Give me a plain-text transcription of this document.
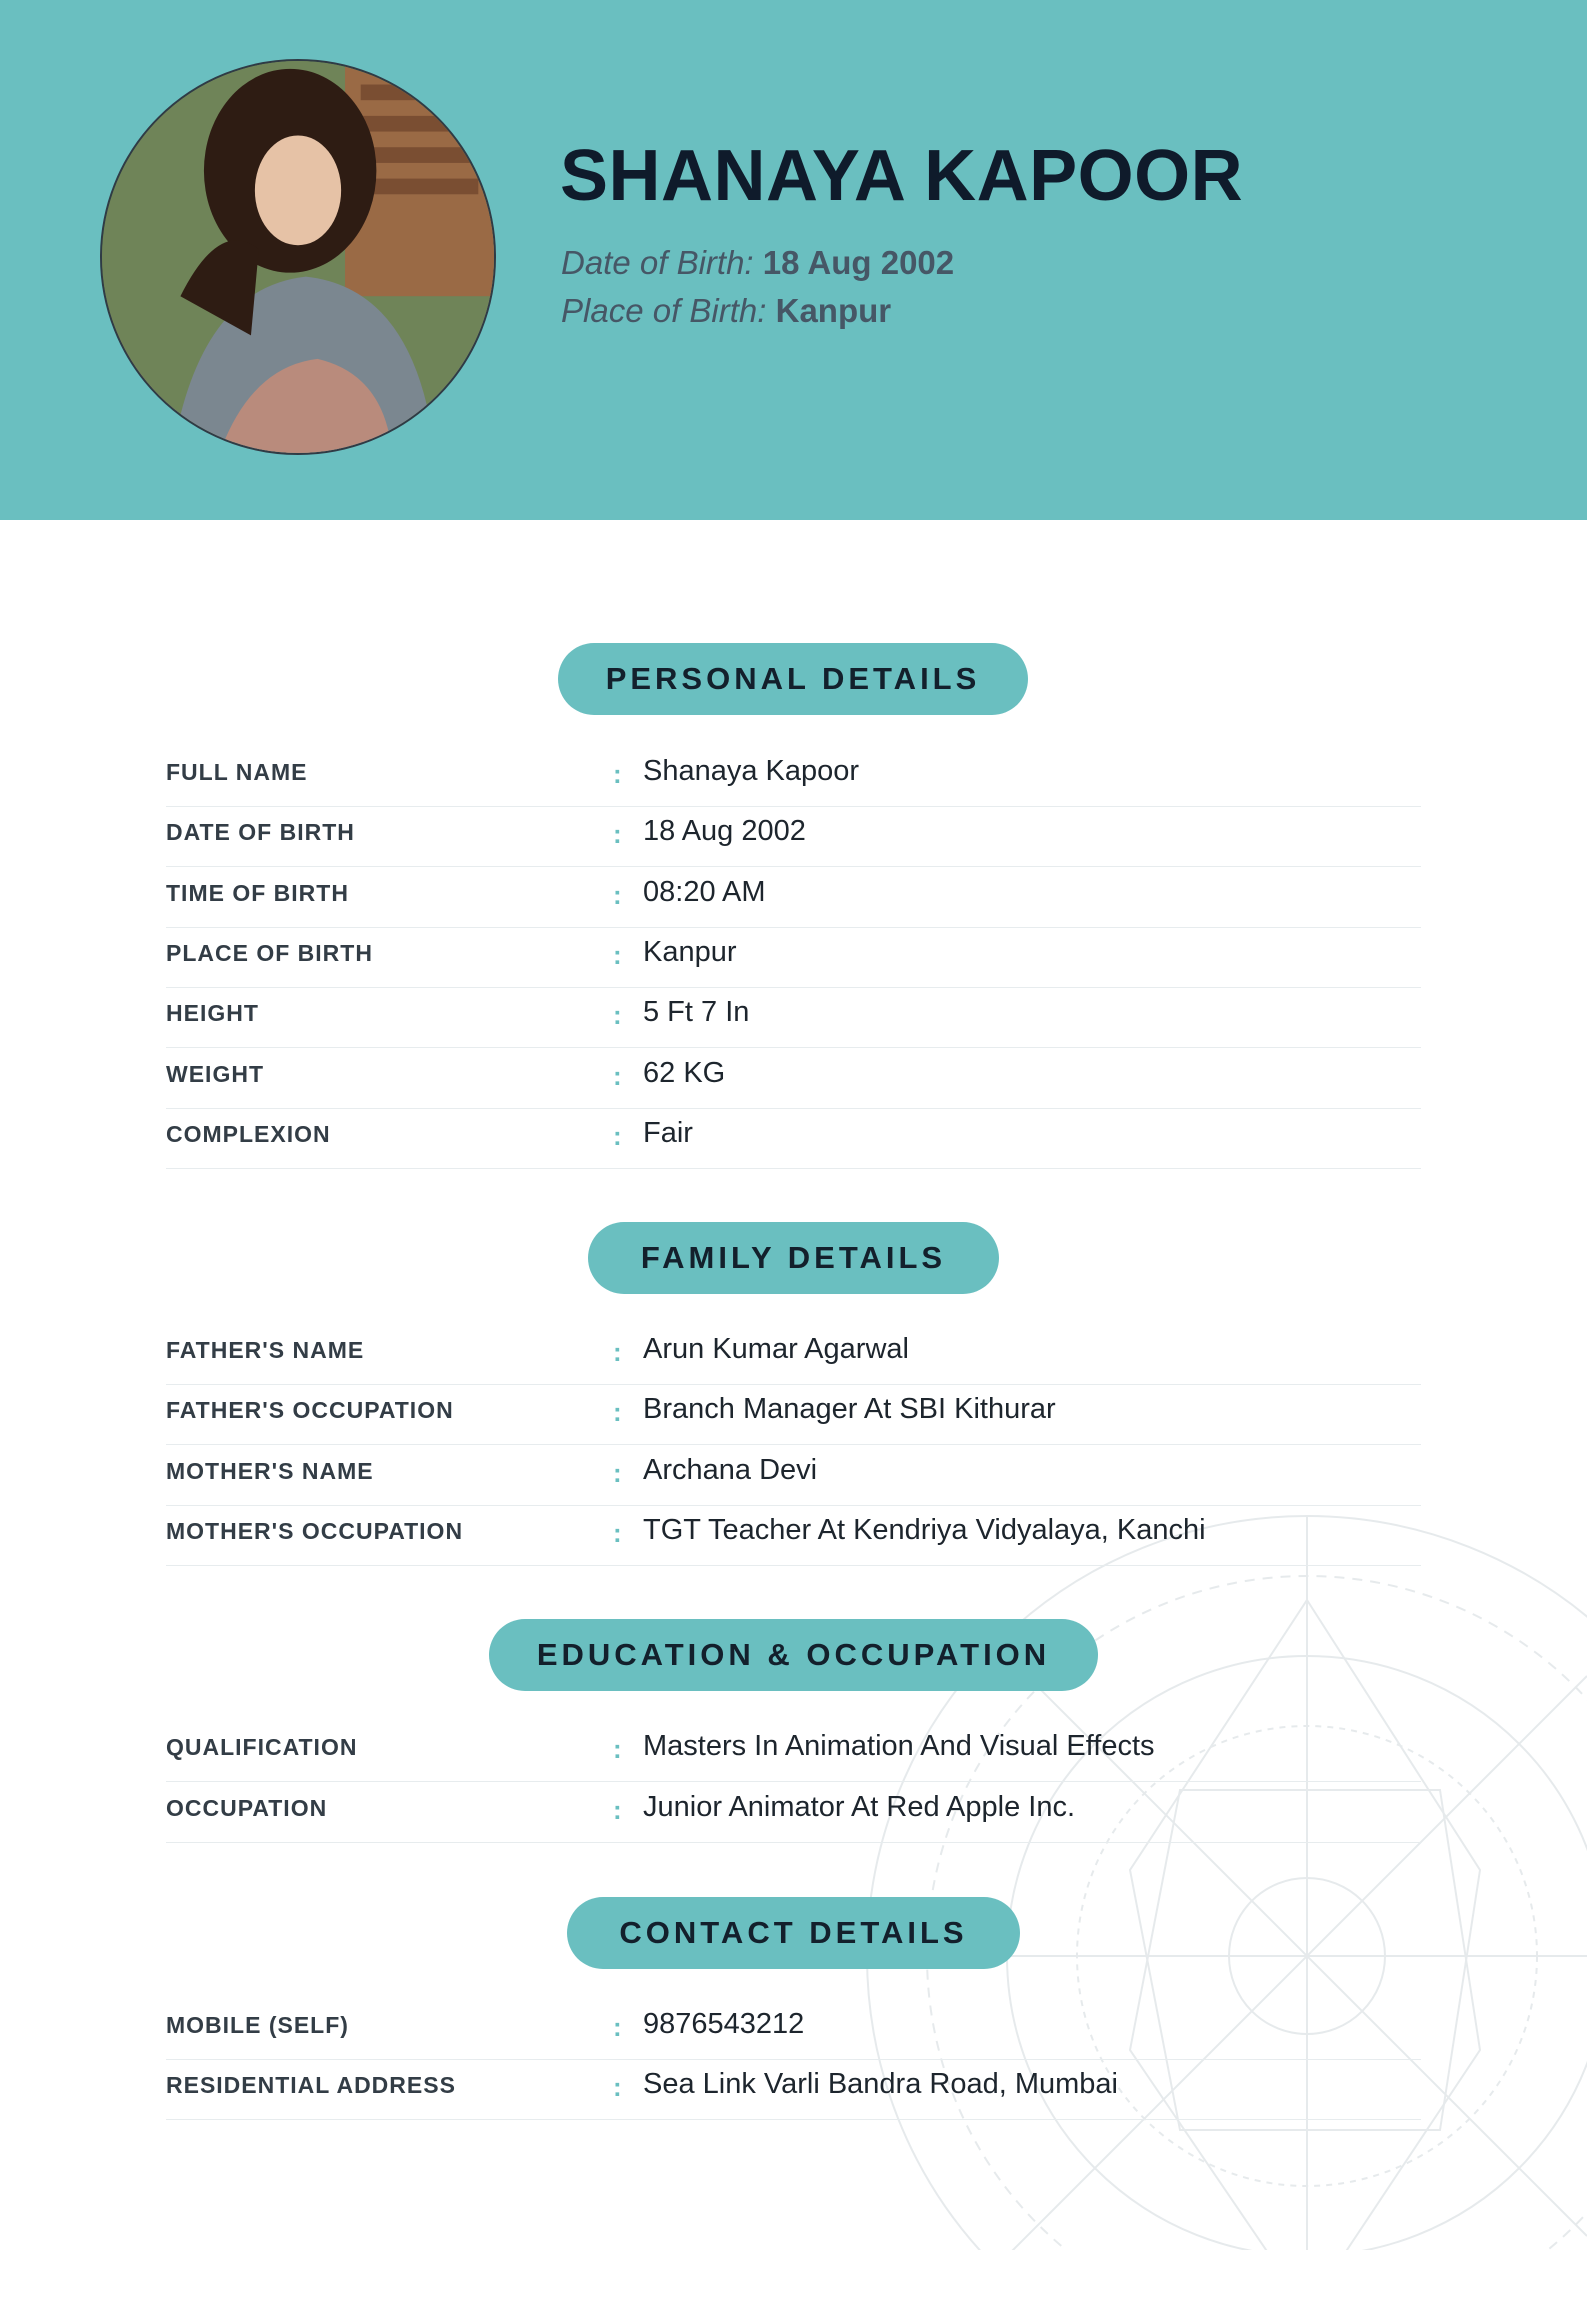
SHANAYA KAPOOR
Date of Birth: 18 Aug 2002
Place of Birth: Kanpur
PERSONAL DETAILS
FULL NAME	: Shanaya Kapoor
DATE OF BIRTH	: 18 Aug 2002
TIME OF BIRTH	: 08:20 AM
PLACE OF BIRTH	: Kanpur
HEIGHT	: 5 Ft 7 In
WEIGHT	: 62 KG
COMPLEXION	: Fair
FAMILY DETAILS
FATHER'S NAME	: Arun Kumar Agarwal
FATHER'S OCCUPATION	: Branch Manager At SBI Kithurar
MOTHER'S NAME	: Archana Devi
MOTHER'S OCCUPATION	: TGT Teacher At Kendriya Vidyalaya, Kanchi
EDUCATION & OCCUPATION
QUALIFICATION	: Masters In Animation And Visual Effects
OCCUPATION	: Junior Animator At Red Apple Inc.
CONTACT DETAILS
MOBILE (SELF)	: 9876543212
RESIDENTIAL ADDRESS	: Sea Link Varli Bandra Road, Mumbai
